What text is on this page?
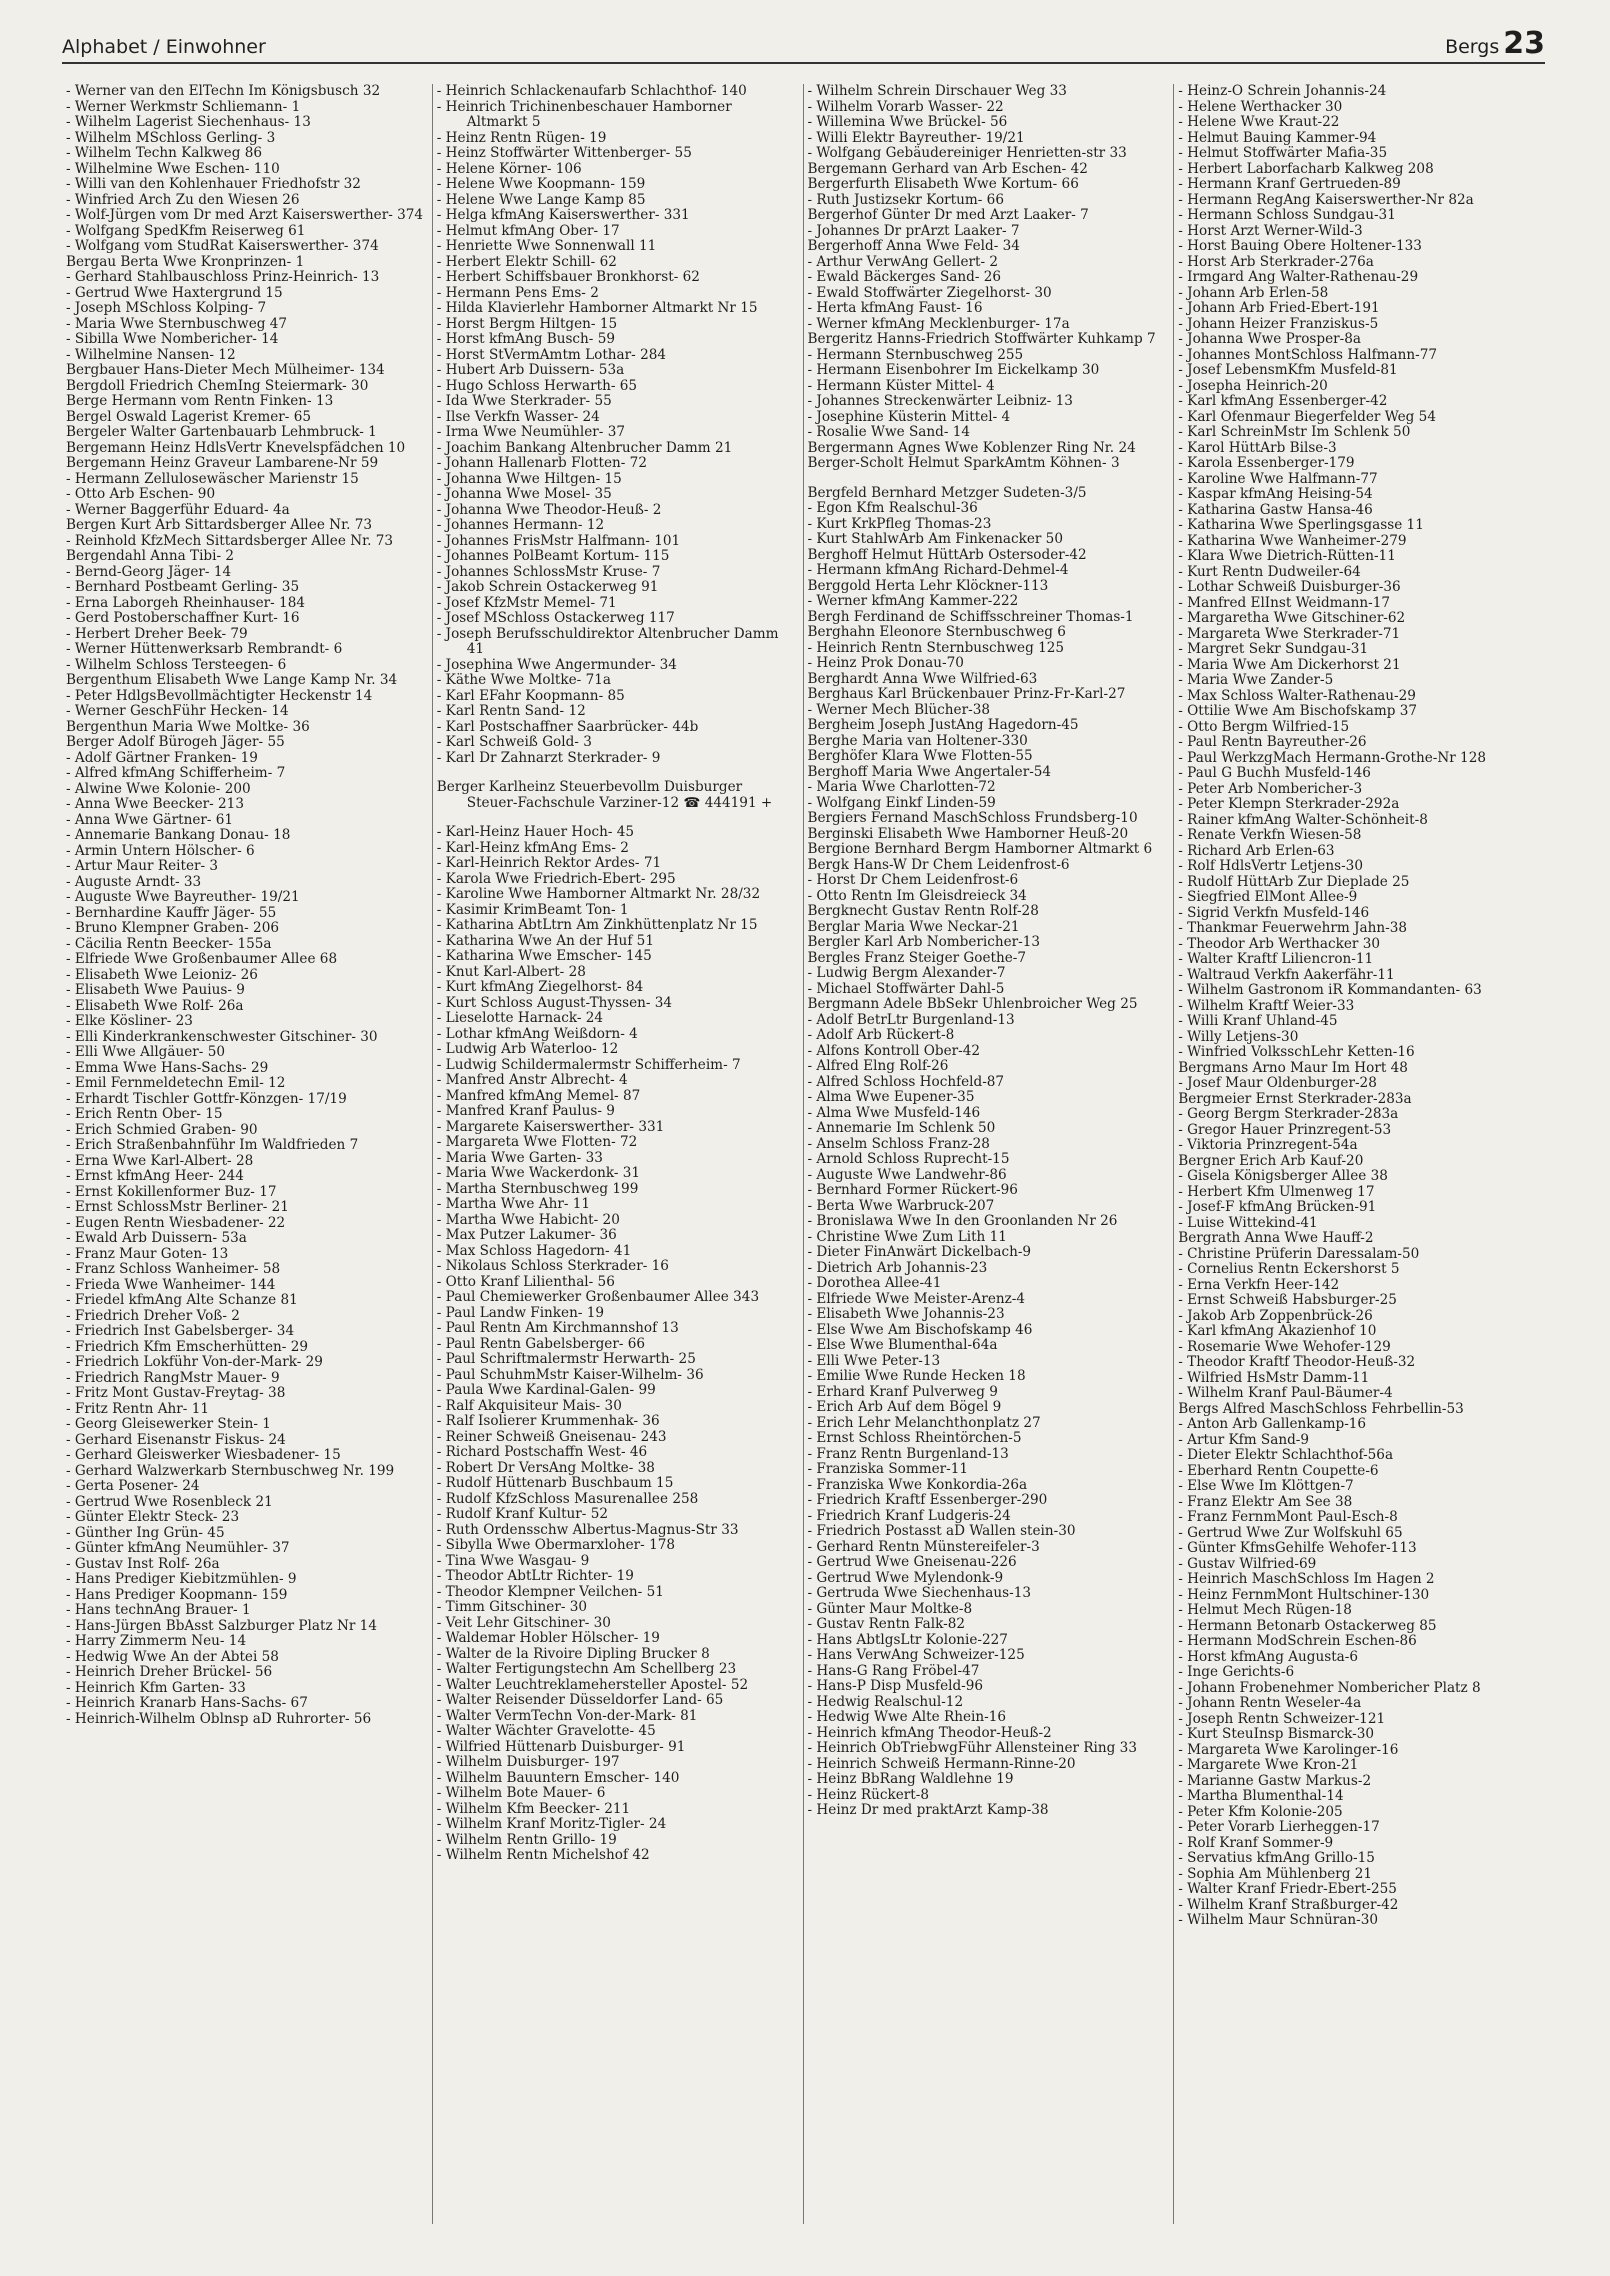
Alphabet / Einwohner	Bergs 23

- Werner van den ElTechn Im Königsbusch 32

- Werner Werkmstr Schliemann- 1

- Wilhelm Lagerist Siechenhaus- 13

- Wilhelm MSchloss Gerling- 3

- Wilhelm Techn Kalkweg 86

- Wilhelmine Wwe Eschen- 110

- Willi van den Kohlenhauer Friedhofstr 32

- Winfried Arch Zu den Wiesen 26

- Wolf-Jürgen vom Dr med Arzt Kaiserswerther- 374

- Wolfgang SpedKfm Reiserweg 61

- Wolfgang vom StudRat Kaiserswerther- 374

Bergau Berta Wwe Kronprinzen- 1

- Gerhard Stahlbauschloss Prinz-Heinrich- 13

- Gertrud Wwe Haxtergrund 15

- Joseph MSchloss Kolping- 7

- Maria Wwe Sternbuschweg 47

- Sibilla Wwe Nombericher- 14

- Wilhelmine Nansen- 12

Bergbauer Hans-Dieter Mech Mülheimer- 134

Bergdoll Friedrich ChemIng Steiermark- 30

Berge Hermann vom Rentn Finken- 13

Bergel Oswald Lagerist Kremer- 65

Bergeler Walter Gartenbauarb Lehmbruck- 1

Bergemann Heinz HdlsVertr Knevelspfädchen 10

Bergemann Heinz Graveur Lambarene-Nr 59

- Hermann Zellulosewäscher Marienstr 15

- Otto Arb Eschen- 90

- Werner Baggerführ Eduard- 4a

Bergen Kurt Arb Sittardsberger Allee Nr. 73

- Reinhold KfzMech Sittardsberger Allee Nr. 73

Bergendahl Anna Tibi- 2

- Bernd-Georg Jäger- 14

- Bernhard Postbeamt Gerling- 35

- Erna Laborgeh Rheinhauser- 184

- Gerd Postoberschaffner Kurt- 16

- Herbert Dreher Beek- 79

- Werner Hüttenwerksarb Rembrandt- 6

- Wilhelm Schloss Tersteegen- 6

Bergenthum Elisabeth Wwe Lange Kamp Nr. 34

- Peter HdlgsBevollmächtigter Heckenstr 14

- Werner GeschFühr Hecken- 14

Bergenthun Maria Wwe Moltke- 36

Berger Adolf Bürogeh Jäger- 55

- Adolf Gärtner Franken- 19

- Alfred kfmAng Schifferheim- 7

- Alwine Wwe Kolonie- 200

- Anna Wwe Beecker- 213

- Anna Wwe Gärtner- 61

- Annemarie Bankang Donau- 18

- Armin Untern Hölscher- 6

- Artur Maur Reiter- 3

- Auguste Arndt- 33

- Auguste Wwe Bayreuther- 19/21

- Bernhardine Kauffr Jäger- 55

- Bruno Klempner Graben- 206

- Cäcilia Rentn Beecker- 155a

- Elfriede Wwe Großenbaumer Allee 68

- Elisabeth Wwe Leioniz- 26

- Elisabeth Wwe Pauius- 9

- Elisabeth Wwe Rolf- 26a

- Elke Kösliner- 23

- Elli Kinderkrankenschwester Gitschiner- 30

- Elli Wwe Allgäuer- 50

- Emma Wwe Hans-Sachs- 29

- Emil Fernmeldetechn Emil- 12

- Erhardt Tischler Gottfr-Könzgen- 17/19

- Erich Rentn Ober- 15

- Erich Schmied Graben- 90

- Erich Straßenbahnführ Im Waldfrieden 7

- Erna Wwe Karl-Albert- 28

- Ernst kfmAng Heer- 244

- Ernst Kokillenformer Buz- 17

- Ernst SchlossMstr Berliner- 21

- Eugen Rentn Wiesbadener- 22

- Ewald Arb Duissern- 53a

- Franz Maur Goten- 13

- Franz Schloss Wanheimer- 58

- Frieda Wwe Wanheimer- 144

- Friedel kfmAng Alte Schanze 81

- Friedrich Dreher Voß- 2

- Friedrich Inst Gabelsberger- 34

- Friedrich Kfm Emscherhütten- 29

- Friedrich Lokführ Von-der-Mark- 29

- Friedrich RangMstr Mauer- 9

- Fritz Mont Gustav-Freytag- 38

- Fritz Rentn Ahr- 11

- Georg Gleisewerker Stein- 1

- Gerhard Eisenanstr Fiskus- 24

- Gerhard Gleiswerker Wiesbadener- 15

- Gerhard Walzwerkarb Sternbuschweg Nr. 199

- Gerta Posener- 24

- Gertrud Wwe Rosenbleck 21

- Günter Elektr Steck- 23

- Günther Ing Grün- 45

- Günter kfmAng Neumühler- 37

- Gustav Inst Rolf- 26a

- Hans Prediger Kiebitzmühlen- 9

- Hans Prediger Koopmann- 159

- Hans technAng Brauer- 1

- Hans-Jürgen BbAsst Salzburger Platz Nr 14

- Harry Zimmerm Neu- 14

- Hedwig Wwe An der Abtei 58

- Heinrich Dreher Brückel- 56

- Heinrich Kfm Garten- 33

- Heinrich Kranarb Hans-Sachs- 67

- Heinrich-Wilhelm Oblnsp aD Ruhrorter- 56

- Heinrich Schlackenaufarb Schlachthof- 140

- Heinrich Trichinenbeschauer Hamborner Altmarkt 5

- Heinz Rentn Rügen- 19

- Heinz Stoffwärter Wittenberger- 55

- Helene Körner- 106

- Helene Wwe Koopmann- 159

- Helene Wwe Lange Kamp 85

- Helga kfmAng Kaiserswerther- 331

- Helmut kfmAng Ober- 17

- Henriette Wwe Sonnenwall 11

- Herbert Elektr Schill- 62

- Herbert Schiffsbauer Bronkhorst- 62

- Hermann Pens Ems- 2

- Hilda Klavierlehr Hamborner Altmarkt Nr 15

- Horst Bergm Hiltgen- 15

- Horst kfmAng Busch- 59

- Horst StVermAmtm Lothar- 284

- Hubert Arb Duissern- 53a

- Hugo Schloss Herwarth- 65

- Ida Wwe Sterkrader- 55

- Ilse Verkfn Wasser- 24

- Irma Wwe Neumühler- 37

- Joachim Bankang Altenbrucher Damm 21

- Johann Hallenarb Flotten- 72

- Johanna Wwe Hiltgen- 15

- Johanna Wwe Mosel- 35

- Johanna Wwe Theodor-Heuß- 2

- Johannes Hermann- 12

- Johannes FrisMstr Halfmann- 101

- Johannes PolBeamt Kortum- 115

- Johannes SchlossMstr Kruse- 7

- Jakob Schrein Ostackerweg 91

- Josef KfzMstr Memel- 71

- Josef MSchloss Ostackerweg 117

- Joseph Berufsschuldirektor Altenbrucher Damm 41

- Josephina Wwe Angermunder- 34

- Käthe Wwe Moltke- 71a

- Karl EFahr Koopmann- 85

- Karl Rentn Sand- 12

- Karl Postschaffner Saarbrücker- 44b

- Karl Schweiß Gold- 3

- Karl Dr Zahnarzt Sterkrader- 9

Berger Karlheinz Steuerbevollm Duisburger Steuer-Fachschule Varziner-12 ☎ 444191 +

- Karl-Heinz Hauer Hoch- 45

- Karl-Heinz kfmAng Ems- 2

- Karl-Heinrich Rektor Ardes- 71

- Karola Wwe Friedrich-Ebert- 295

- Karoline Wwe Hamborner Altmarkt Nr. 28/32

- Kasimir KrimBeamt Ton- 1

- Katharina AbtLtrn Am Zinkhüttenplatz Nr 15

- Katharina Wwe An der Huf 51

- Katharina Wwe Emscher- 145

- Knut Karl-Albert- 28

- Kurt kfmAng Ziegelhorst- 84

- Kurt Schloss August-Thyssen- 34

- Lieselotte Harnack- 24

- Lothar kfmAng Weißdorn- 4

- Ludwig Arb Waterloo- 12

- Ludwig Schildermalermstr Schifferheim- 7

- Manfred Anstr Albrecht- 4

- Manfred kfmAng Memel- 87

- Manfred Kranf Paulus- 9

- Margarete Kaiserswerther- 331

- Margareta Wwe Flotten- 72

- Maria Wwe Garten- 33

- Maria Wwe Wackerdonk- 31

- Martha Sternbuschweg 199

- Martha Wwe Ahr- 11

- Martha Wwe Habicht- 20

- Max Putzer Lakumer- 36

- Max Schloss Hagedorn- 41

- Nikolaus Schloss Sterkrader- 16

- Otto Kranf Lilienthal- 56

- Paul Chemiewerker Großenbaumer Allee 343

- Paul Landw Finken- 19

- Paul Rentn Am Kirchmannshof 13

- Paul Rentn Gabelsberger- 66

- Paul Schriftmalermstr Herwarth- 25

- Paul SchuhmMstr Kaiser-Wilhelm- 36

- Paula Wwe Kardinal-Galen- 99

- Ralf Akquisiteur Mais- 30

- Ralf Isolierer Krummenhak- 36

- Reiner Schweiß Gneisenau- 243

- Richard Postschaffn West- 46

- Robert Dr VersAng Moltke- 38

- Rudolf Hüttenarb Buschbaum 15

- Rudolf KfzSchloss Masurenallee 258

- Rudolf Kranf Kultur- 52

- Ruth Ordensschw Albertus-Magnus-Str 33

- Sibylla Wwe Obermarxloher- 178

- Tina Wwe Wasgau- 9

- Theodor AbtLtr Richter- 19

- Theodor Klempner Veilchen- 51

- Timm Gitschiner- 30

- Veit Lehr Gitschiner- 30

- Waldemar Hobler Hölscher- 19

- Walter de la Rivoire Dipling Brucker 8

- Walter Fertigungstechn Am Schellberg 23

- Walter Leuchtreklamehersteller Apostel- 52

- Walter Reisender Düsseldorfer Land- 65

- Walter VermTechn Von-der-Mark- 81

- Walter Wächter Gravelotte- 45

- Wilfried Hüttenarb Duisburger- 91

- Wilhelm Duisburger- 197

- Wilhelm Bauuntern Emscher- 140

- Wilhelm Bote Mauer- 6

- Wilhelm Kfm Beecker- 211

- Wilhelm Kranf Moritz-Tigler- 24

- Wilhelm Rentn Grillo- 19

- Wilhelm Rentn Michelshof 42

- Wilhelm Schrein Dirschauer Weg 33

- Wilhelm Vorarb Wasser- 22

- Willemina Wwe Brückel- 56

- Willi Elektr Bayreuther- 19/21

- Wolfgang Gebäudereiniger Henrietten-str 33

Bergemann Gerhard van Arb Eschen- 42

Bergerfurth Elisabeth Wwe Kortum- 66

- Ruth Justizsekr Kortum- 66

Bergerhof Günter Dr med Arzt Laaker- 7

- Johannes Dr prArzt Laaker- 7

Bergerhoff Anna Wwe Feld- 34

- Arthur VerwAng Gellert- 2

- Ewald Bäckerges Sand- 26

- Ewald Stoffwärter Ziegelhorst- 30

- Herta kfmAng Faust- 16

- Werner kfmAng Mecklenburger- 17a

Bergeritz Hanns-Friedrich Stoffwärter Kuhkamp 7

- Hermann Sternbuschweg 255

- Hermann Eisenbohrer Im Eickelkamp 30

- Hermann Küster Mittel- 4

- Johannes Streckenwärter Leibniz- 13

- Josephine Küsterin Mittel- 4

- Rosalie Wwe Sand- 14

Bergermann Agnes Wwe Koblenzer Ring Nr. 24

Berger-Scholt Helmut SparkAmtm Köhnen- 3

Bergfeld Bernhard Metzger Sudeten-3/5

- Egon Kfm Realschul-36

- Kurt KrkPfleg Thomas-23

- Kurt StahlwArb Am Finkenacker 50

Berghoff Helmut HüttArb Ostersoder-42

- Hermann kfmAng Richard-Dehmel-4

Berggold Herta Lehr Klöckner-113

- Werner kfmAng Kammer-222

Bergh Ferdinand de Schiffsschreiner Thomas-1

Berghahn Eleonore Sternbuschweg 6

- Heinrich Rentn Sternbuschweg 125

- Heinz Prok Donau-70

Berghardt Anna Wwe Wilfried-63

Berghaus Karl Brückenbauer Prinz-Fr-Karl-27

- Werner Mech Blücher-38

Bergheim Joseph JustAng Hagedorn-45

Berghe Maria van Holtener-330

Berghöfer Klara Wwe Flotten-55

Berghoff Maria Wwe Angertaler-54

- Maria Wwe Charlotten-72

- Wolfgang Einkf Linden-59

Bergiers Fernand MaschSchloss Frundsberg-10

Berginski Elisabeth Wwe Hamborner Heuß-20

Bergione Bernhard Bergm Hamborner Altmarkt 6

Bergk Hans-W Dr Chem Leidenfrost-6

- Horst Dr Chem Leidenfrost-6

- Otto Rentn Im Gleisdreieck 34

Bergknecht Gustav Rentn Rolf-28

Berglar Maria Wwe Neckar-21

Bergler Karl Arb Nombericher-13

Bergles Franz Steiger Goethe-7

- Ludwig Bergm Alexander-7

- Michael Stoffwärter Dahl-5

Bergmann Adele BbSekr Uhlenbroicher Weg 25

- Adolf BetrLtr Burgenland-13

- Adolf Arb Rückert-8

- Alfons Kontroll Ober-42

- Alfred Elng Rolf-26

- Alfred Schloss Hochfeld-87

- Alma Wwe Eupener-35

- Alma Wwe Musfeld-146

- Annemarie Im Schlenk 50

- Anselm Schloss Franz-28

- Arnold Schloss Ruprecht-15

- Auguste Wwe Landwehr-86

- Bernhard Former Rückert-96

- Berta Wwe Warbruck-207

- Bronislawa Wwe In den Groonlanden Nr 26

- Christine Wwe Zum Lith 11

- Dieter FinAnwärt Dickelbach-9

- Dietrich Arb Johannis-23

- Dorothea Allee-41

- Elfriede Wwe Meister-Arenz-4

- Elisabeth Wwe Johannis-23

- Else Wwe Am Bischofskamp 46

- Else Wwe Blumenthal-64a

- Elli Wwe Peter-13

- Emilie Wwe Runde Hecken 18

- Erhard Kranf Pulverweg 9

- Erich Arb Auf dem Bögel 9

- Erich Lehr Melanchthonplatz 27

- Ernst Schloss Rheintörchen-5

- Franz Rentn Burgenland-13

- Franziska Sommer-11

- Franziska Wwe Konkordia-26a

- Friedrich Kraftf Essenberger-290

- Friedrich Kranf Ludgeris-24

- Friedrich Postasst aD Wallen stein-30

- Gerhard Rentn Münstereifeler-3

- Gertrud Wwe Gneisenau-226

- Gertrud Wwe Mylendonk-9

- Gertruda Wwe Siechenhaus-13

- Günter Maur Moltke-8

- Gustav Rentn Falk-82

- Hans AbtlgsLtr Kolonie-227

- Hans VerwAng Schweizer-125

- Hans-G Rang Fröbel-47

- Hans-P Disp Musfeld-96

- Hedwig Realschul-12

- Hedwig Wwe Alte Rhein-16

- Heinrich kfmAng Theodor-Heuß-2

- Heinrich ObTriebwgFühr Allensteiner Ring 33

- Heinrich Schweiß Hermann-Rinne-20

- Heinz BbRang Waldlehne 19

- Heinz Rückert-8

- Heinz Dr med praktArzt Kamp-38

- Heinz-O Schrein Johannis-24

- Helene Werthacker 30

- Helene Wwe Kraut-22

- Helmut Bauing Kammer-94

- Helmut Stoffwärter Mafia-35

- Herbert Laborfacharb Kalkweg 208

- Hermann Kranf Gertrueden-89

- Hermann RegAng Kaiserswerther-Nr 82a

- Hermann Schloss Sundgau-31

- Horst Arzt Werner-Wild-3

- Horst Bauing Obere Holtener-133

- Horst Arb Sterkrader-276a

- Irmgard Ang Walter-Rathenau-29

- Johann Arb Erlen-58

- Johann Arb Fried-Ebert-191

- Johann Heizer Franziskus-5

- Johanna Wwe Prosper-8a

- Johannes MontSchloss Halfmann-77

- Josef LebensmKfm Musfeld-81

- Josepha Heinrich-20

- Karl kfmAng Essenberger-42

- Karl Ofenmaur Biegerfelder Weg 54

- Karl SchreinMstr Im Schlenk 50

- Karol HüttArb Bilse-3

- Karola Essenberger-179

- Karoline Wwe Halfmann-77

- Kaspar kfmAng Heising-54

- Katharina Gastw Hansa-46

- Katharina Wwe Sperlingsgasse 11

- Katharina Wwe Wanheimer-279

- Klara Wwe Dietrich-Rütten-11

- Kurt Rentn Dudweiler-64

- Lothar Schweiß Duisburger-36

- Manfred ElInst Weidmann-17

- Margaretha Wwe Gitschiner-62

- Margareta Wwe Sterkrader-71

- Margret Sekr Sundgau-31

- Maria Wwe Am Dickerhorst 21

- Maria Wwe Zander-5

- Max Schloss Walter-Rathenau-29

- Ottilie Wwe Am Bischofskamp 37

- Otto Bergm Wilfried-15

- Paul Rentn Bayreuther-26

- Paul WerkzgMach Hermann-Grothe-Nr 128

- Paul G Buchh Musfeld-146

- Peter Arb Nombericher-3

- Peter Klempn Sterkrader-292a

- Rainer kfmAng Walter-Schönheit-8

- Renate Verkfn Wiesen-58

- Richard Arb Erlen-63

- Rolf HdlsVertr Letjens-30

- Rudolf HüttArb Zur Dieplade 25

- Siegfried ElMont Allee-9

- Sigrid Verkfn Musfeld-146

- Thankmar Feuerwehrm Jahn-38

- Theodor Arb Werthacker 30

- Walter Kraftf Liliencron-11

- Waltraud Verkfn Aakerfähr-11

- Wilhelm Gastronom iR Kommandanten- 63

- Wilhelm Kraftf Weier-33

- Willi Kranf Uhland-45

- Willy Letjens-30

- Winfried VolksschLehr Ketten-16

Bergmans Arno Maur Im Hort 48

- Josef Maur Oldenburger-28

Bergmeier Ernst Sterkrader-283a

- Georg Bergm Sterkrader-283a

- Gregor Hauer Prinzregent-53

- Viktoria Prinzregent-54a

Bergner Erich Arb Kauf-20

- Gisela Königsberger Allee 38

- Herbert Kfm Ulmenweg 17

- Josef-F kfmAng Brücken-91

- Luise Wittekind-41

Bergrath Anna Wwe Hauff-2

- Christine Prüferin Daressalam-50

- Cornelius Rentn Eckershorst 5

- Erna Verkfn Heer-142

- Ernst Schweiß Habsburger-25

- Jakob Arb Zoppenbrück-26

- Karl kfmAng Akazienhof 10

- Rosemarie Wwe Wehofer-129

- Theodor Kraftf Theodor-Heuß-32

- Wilfried HsMstr Damm-11

- Wilhelm Kranf Paul-Bäumer-4

Bergs Alfred MaschSchloss Fehrbellin-53

- Anton Arb Gallenkamp-16

- Artur Kfm Sand-9

- Dieter Elektr Schlachthof-56a

- Eberhard Rentn Coupette-6

- Else Wwe Im Klöttgen-7

- Franz Elektr Am See 38

- Franz FernmMont Paul-Esch-8

- Gertrud Wwe Zur Wolfskuhl 65

- Günter KfmsGehilfe Wehofer-113

- Gustav Wilfried-69

- Heinrich MaschSchloss Im Hagen 2

- Heinz FernmMont Hultschiner-130

- Helmut Mech Rügen-18

- Hermann Betonarb Ostackerweg 85

- Hermann ModSchrein Eschen-86

- Horst kfmAng Augusta-6

- Inge Gerichts-6

- Johann Frobenehmer Nombericher Platz 8

- Johann Rentn Weseler-4a

- Joseph Rentn Schweizer-121

- Kurt SteuInsp Bismarck-30

- Margareta Wwe Karolinger-16

- Margarete Wwe Kron-21

- Marianne Gastw Markus-2

- Martha Blumenthal-14

- Peter Kfm Kolonie-205

- Peter Vorarb Lierheggen-17

- Rolf Kranf Sommer-9

- Servatius kfmAng Grillo-15

- Sophia Am Mühlenberg 21

- Walter Kranf Friedr-Ebert-255

- Wilhelm Kranf Straßburger-42

- Wilhelm Maur Schnüran-30
